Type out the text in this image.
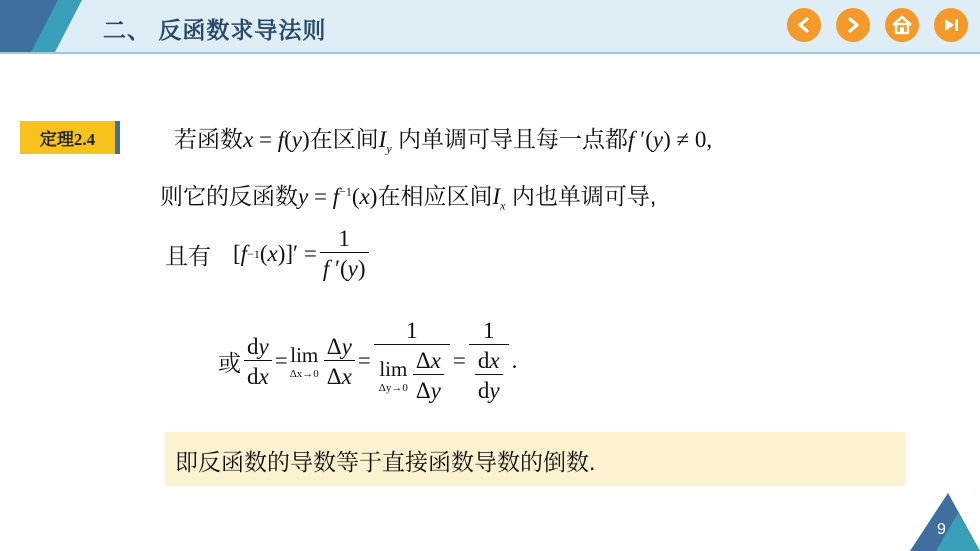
二、 反函数求导法则
定理2.4	若函数x = f(y)在区间$I_y$ 内单调可导且每一点都f ′(y) ≠ 0,
则它的反函数$y = f^{-1}(x)$在相应区间$I_x$ 内也单调可导,
且有 [ f −1 ( x )]′ = $\frac{1}{f '(y)}$
或 $\frac{dy}{dx} = \lim$
$\Delta x\to 0 \frac{\Delta y}{\Delta x} = 1$
lim
$\Delta y\to 0 \frac{\Delta x}{\Delta y} = \frac{1}{\frac{dx}{dy}}$ .
即反函数的导数等于直接函数导数的倒数.
9
